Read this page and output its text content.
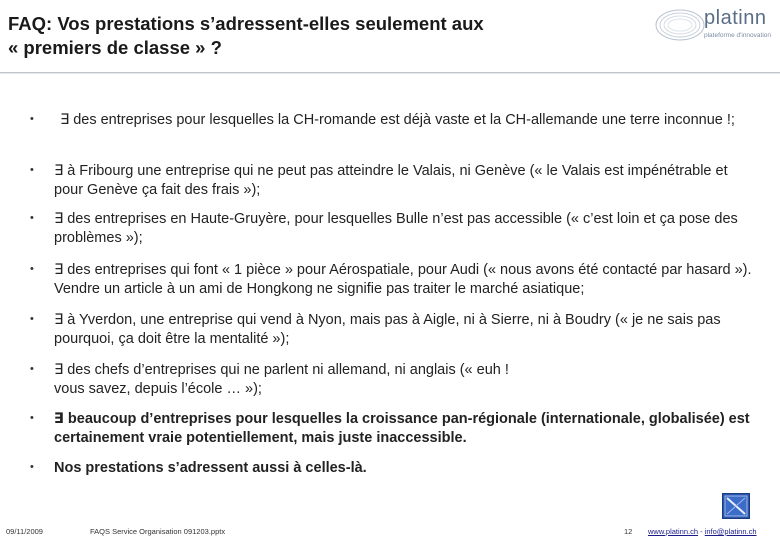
FAQ: Vos prestations s’adressent-elles seulement aux
« premiers de classe » ?
platinn
plateforme d'innovation
•	∃ des entreprises pour lesquelles la CH-romande est déjà vaste et la CH-allemande une terre inconnue !;
• ∃ à Fribourg une entreprise qui ne peut pas atteindre le Valais, ni Genève (« le Valais est impénétrable et pour Genève ça fait des frais »);
• ∃ des entreprises en Haute-Gruyère, pour lesquelles Bulle n’est pas accessible (« c’est loin et ça pose des problèmes »);
• ∃ des entreprises qui font « 1 pièce » pour Aérospatiale, pour Audi (« nous avons été contacté par hasard »). Vendre un article à un ami de Hongkong ne signifie pas traiter le marché asiatique;
• ∃ à Yverdon, une entreprise qui vend à Nyon, mais pas à Aigle, ni à Sierre, ni à Boudry (« je ne sais pas pourquoi, ça doit être la mentalité »);
• ∃ des chefs d’entreprises qui ne parlent ni allemand, ni anglais (« euh ! vous savez, depuis l’école … »);
• ∃ beaucoup d’entreprises pour lesquelles la croissance pan-régionale (internationale, globalisée) est certainement vraie potentiellement, mais juste inaccessible.
• Nos prestations s’adressent aussi à celles-là.
09/11/2009	FAQS Service Organisation 091203.pptx	12 www.platinn.ch - info@platinn.ch
